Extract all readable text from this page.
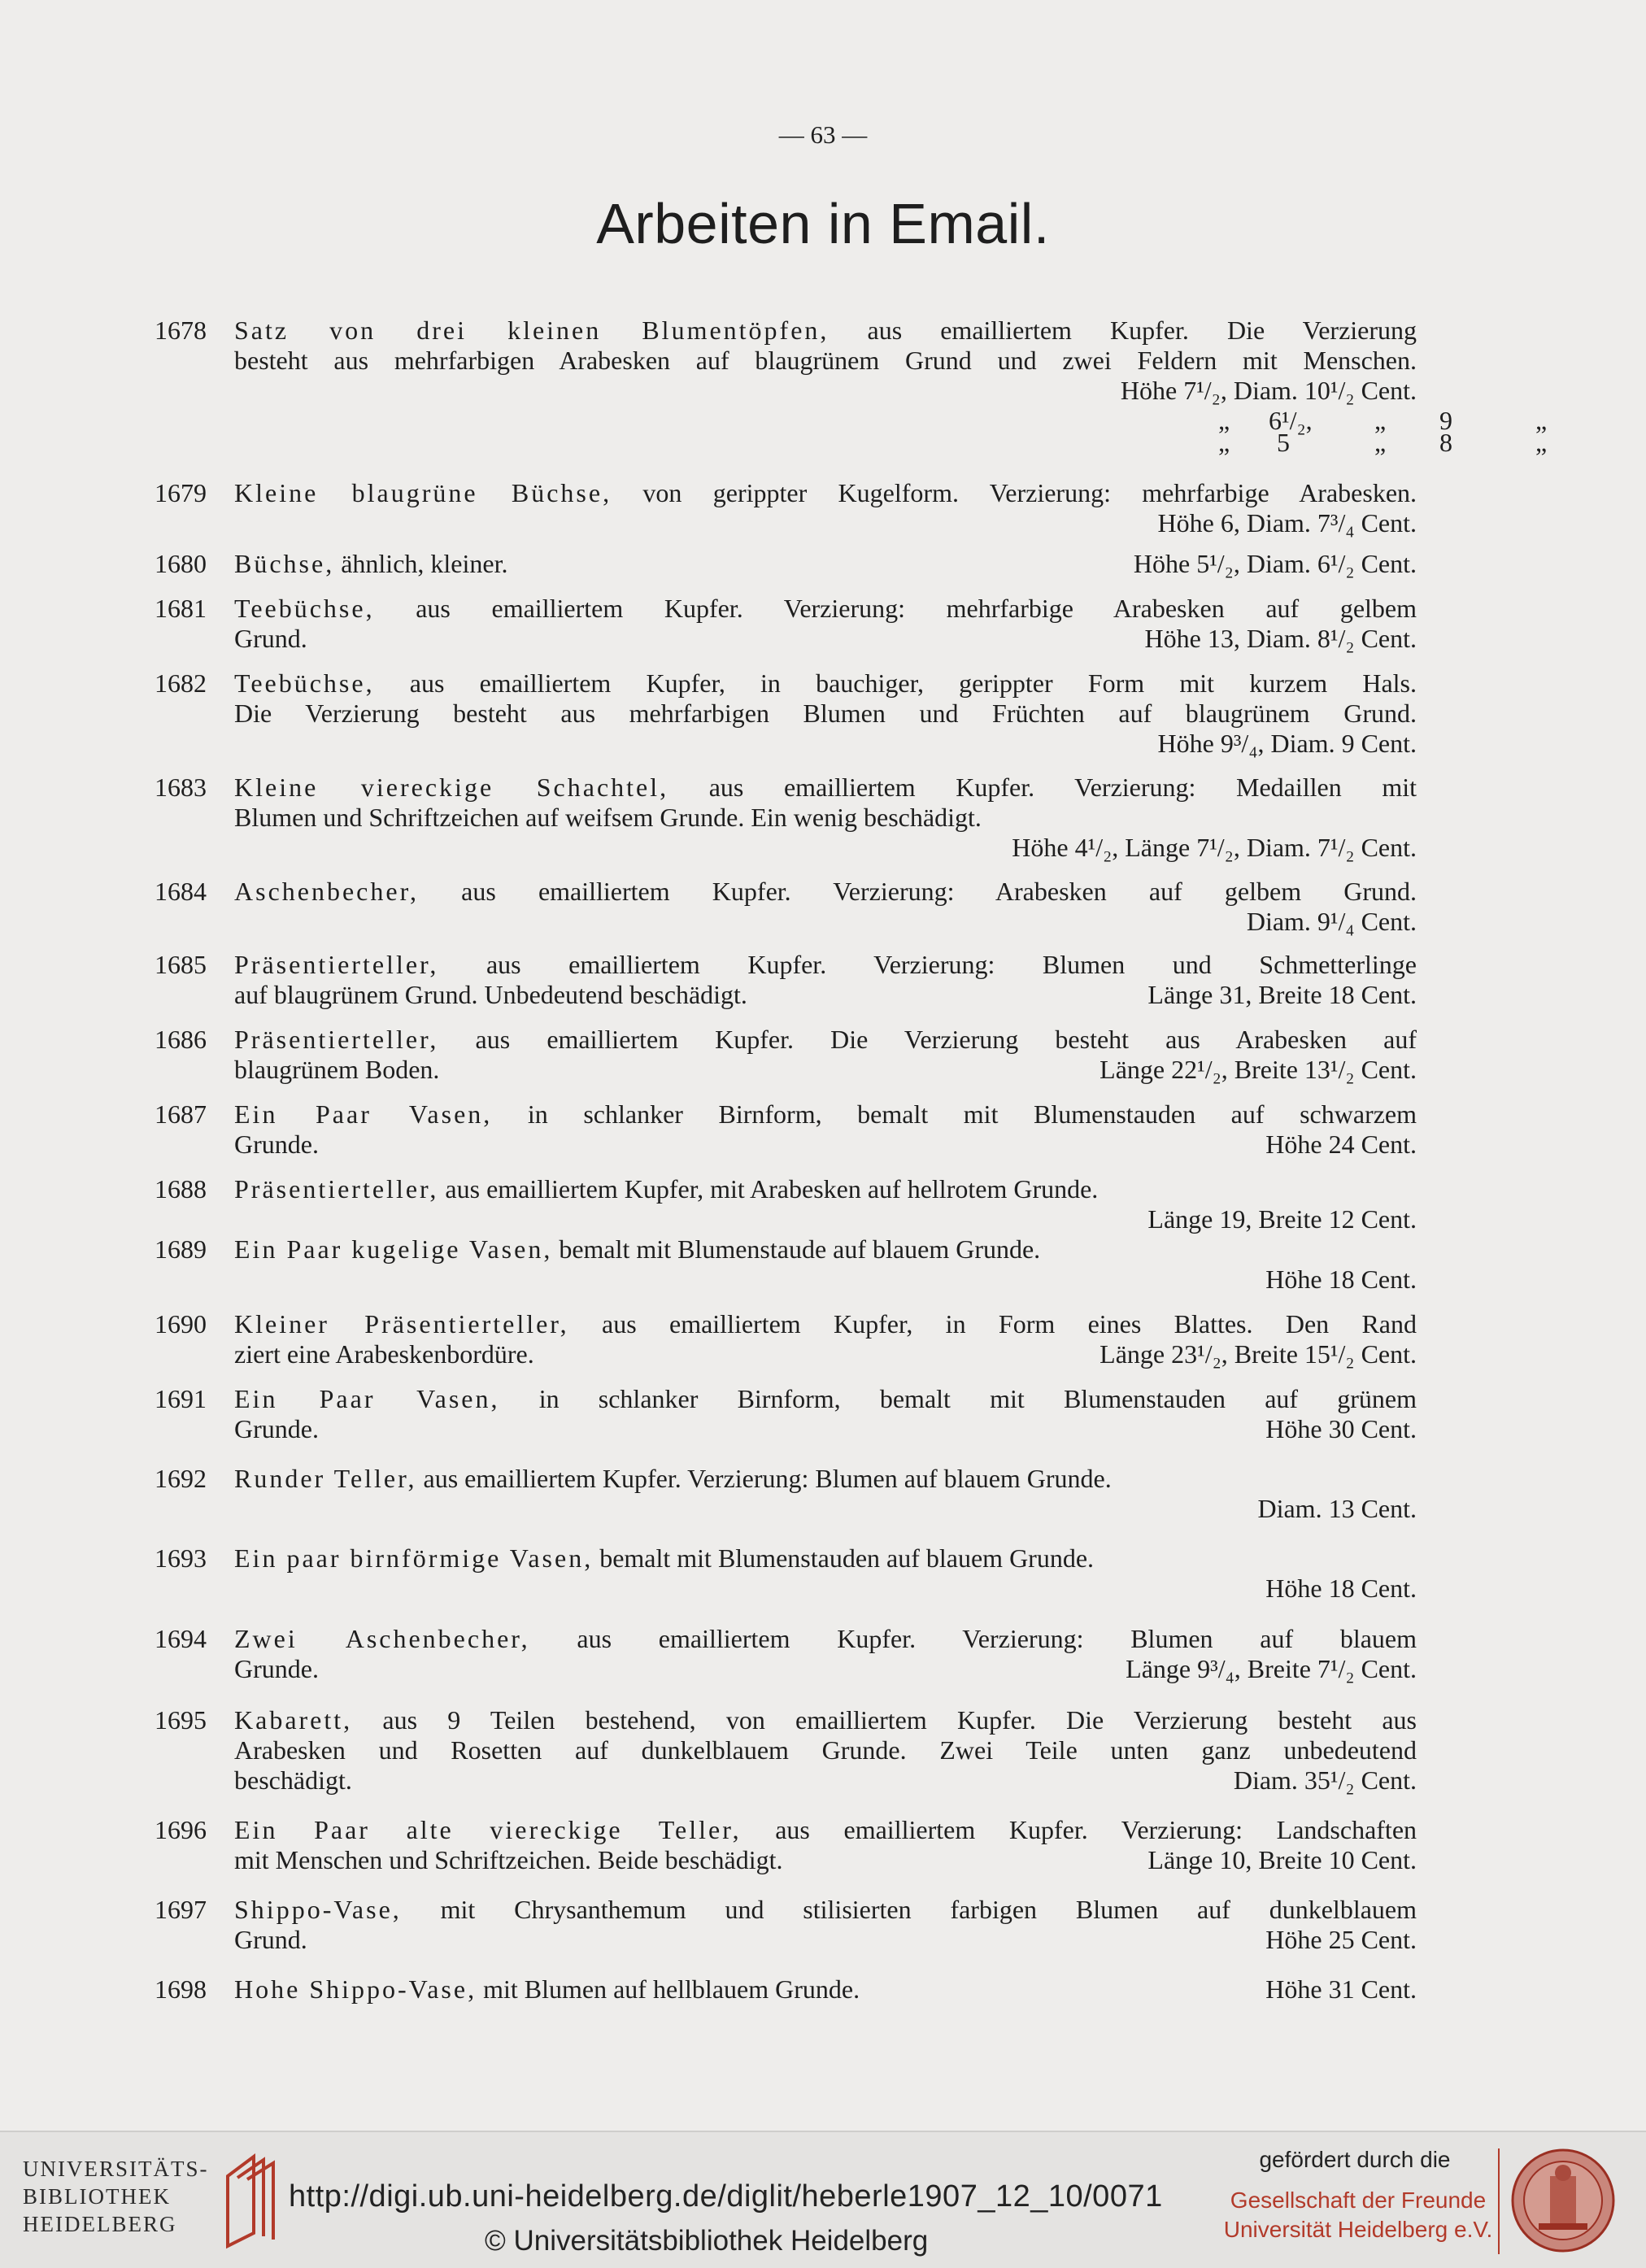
— 63 —
Arbeiten in Email.
1678	Satz von drei kleinen Blumentöpfen, aus emailliertem Kupfer. Die Verzierung
besteht aus mehrfarbigen Arabesken auf blaugrünem Grund und zwei Feldern mit Menschen.
Höhe 7¹/₂, Diam. 10¹/₂ Cent.
„ 6¹/₂, „ 9	„
„ 5	„ 8	„
1679	Kleine blaugrüne Büchse, von gerippter Kugelform. Verzierung: mehrfarbige Arabesken.
Höhe 6, Diam. 7³/₄ Cent.
1680	Büchse, ähnlich, kleiner.	Höhe 5¹/₂, Diam. 6¹/₂ Cent.
1681	Teebüchse, aus emailliertem Kupfer. Verzierung: mehrfarbige Arabesken auf gelbem
Grund.	Höhe 13, Diam. 8¹/₂ Cent.
1682	Teebüchse, aus emailliertem Kupfer, in bauchiger, gerippter Form mit kurzem Hals.
Die Verzierung besteht aus mehrfarbigen Blumen und Früchten auf blaugrünem Grund.
Höhe 9³/₄, Diam. 9 Cent.
1683	Kleine viereckige Schachtel, aus emailliertem Kupfer. Verzierung: Medaillen mit
Blumen und Schriftzeichen auf weifsem Grunde. Ein wenig beschädigt.
Höhe 4¹/₂, Länge 7¹/₂, Diam. 7¹/₂ Cent.
1684	Aschenbecher, aus emailliertem Kupfer. Verzierung: Arabesken auf gelbem Grund.
Diam. 9¹/₄ Cent.
1685	Präsentierteller, aus emailliertem Kupfer. Verzierung: Blumen und Schmetterlinge
auf blaugrünem Grund. Unbedeutend beschädigt.	Länge 31, Breite 18 Cent.
1686	Präsentierteller, aus emailliertem Kupfer. Die Verzierung besteht aus Arabesken auf
blaugrünem Boden.	Länge 22¹/₂, Breite 13¹/₂ Cent.
1687	Ein Paar Vasen, in schlanker Birnform, bemalt mit Blumenstauden auf schwarzem
Grunde.	Höhe 24 Cent.
1688	Präsentierteller, aus emailliertem Kupfer, mit Arabesken auf hellrotem Grunde.
Länge 19, Breite 12 Cent.
1689	Ein Paar kugelige Vasen, bemalt mit Blumenstaude auf blauem Grunde.
Höhe 18 Cent.
1690	Kleiner Präsentierteller, aus emailliertem Kupfer, in Form eines Blattes. Den Rand
ziert eine Arabeskenbordüre.	Länge 23¹/₂, Breite 15¹/₂ Cent.
1691	Ein Paar Vasen, in schlanker Birnform, bemalt mit Blumenstauden auf grünem
Grunde.	Höhe 30 Cent.
1692	Runder Teller, aus emailliertem Kupfer. Verzierung: Blumen auf blauem Grunde.
Diam. 13 Cent.
1693	Ein paar birnförmige Vasen, bemalt mit Blumenstauden auf blauem Grunde.
Höhe 18 Cent.
1694	Zwei Aschenbecher, aus emailliertem Kupfer. Verzierung: Blumen auf blauem
Grunde.	Länge 9³/₄, Breite 7¹/₂ Cent.
1695	Kabarett, aus 9 Teilen bestehend, von emailliertem Kupfer. Die Verzierung besteht aus
Arabesken und Rosetten auf dunkelblauem Grunde. Zwei Teile unten ganz unbedeutend
beschädigt.	Diam. 35¹/₂ Cent.
1696	Ein Paar alte viereckige Teller, aus emailliertem Kupfer. Verzierung: Landschaften
mit Menschen und Schriftzeichen. Beide beschädigt.	Länge 10, Breite 10 Cent.
1697	Shippo-Vase, mit Chrysanthemum und stilisierten farbigen Blumen auf dunkelblauem
Grund.	Höhe 25 Cent.
1698	Hohe Shippo-Vase, mit Blumen auf hellblauem Grunde.	Höhe 31 Cent.
UNIVERSITÄTS-
BIBLIOTHEK
HEIDELBERG
http://digi.ub.uni-heidelberg.de/diglit/heberle1907_12_10/0071
© Universitätsbibliothek Heidelberg
gefördert durch die
Gesellschaft der Freunde
Universität Heidelberg e.V.
